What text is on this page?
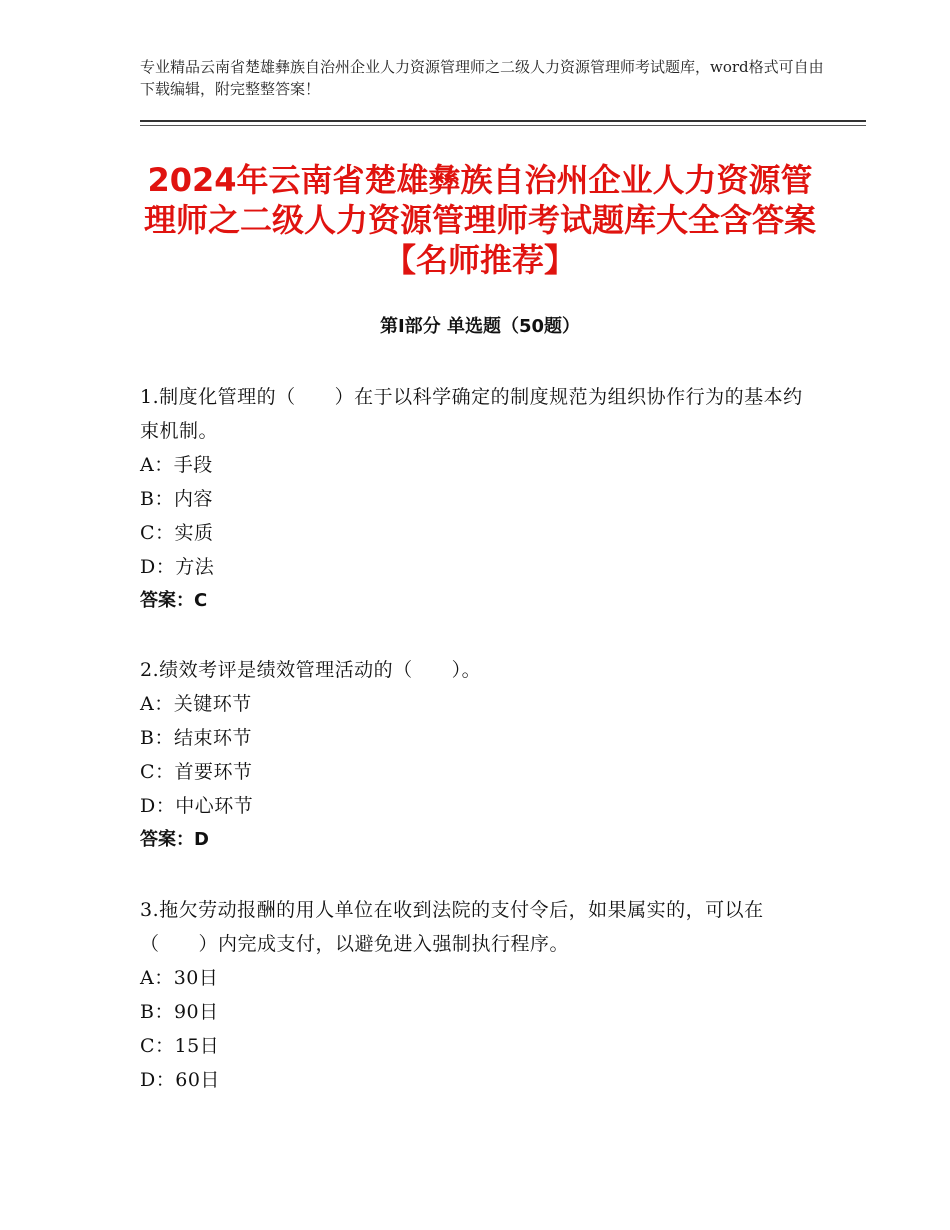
专业精品云南省楚雄彝族自治州企业人力资源管理师之二级人力资源管理师考试题库，word格式可自由下载编辑，附完整整答案！
2024年云南省楚雄彝族自治州企业人力资源管理师之二级人力资源管理师考试题库大全含答案【名师推荐】
第Ⅰ部分 单选题（50题）
1.制度化管理的（　　）在于以科学确定的制度规范为组织协作行为的基本约束机制。
A：手段
B：内容
C：实质
D：方法
答案：C
2.绩效考评是绩效管理活动的（　　）。
A：关键环节
B：结束环节
C：首要环节
D：中心环节
答案：D
3.拖欠劳动报酬的用人单位在收到法院的支付令后，如果属实的，可以在（　　）内完成支付，以避免进入强制执行程序。
A：30日
B：90日
C：15日
D：60日
